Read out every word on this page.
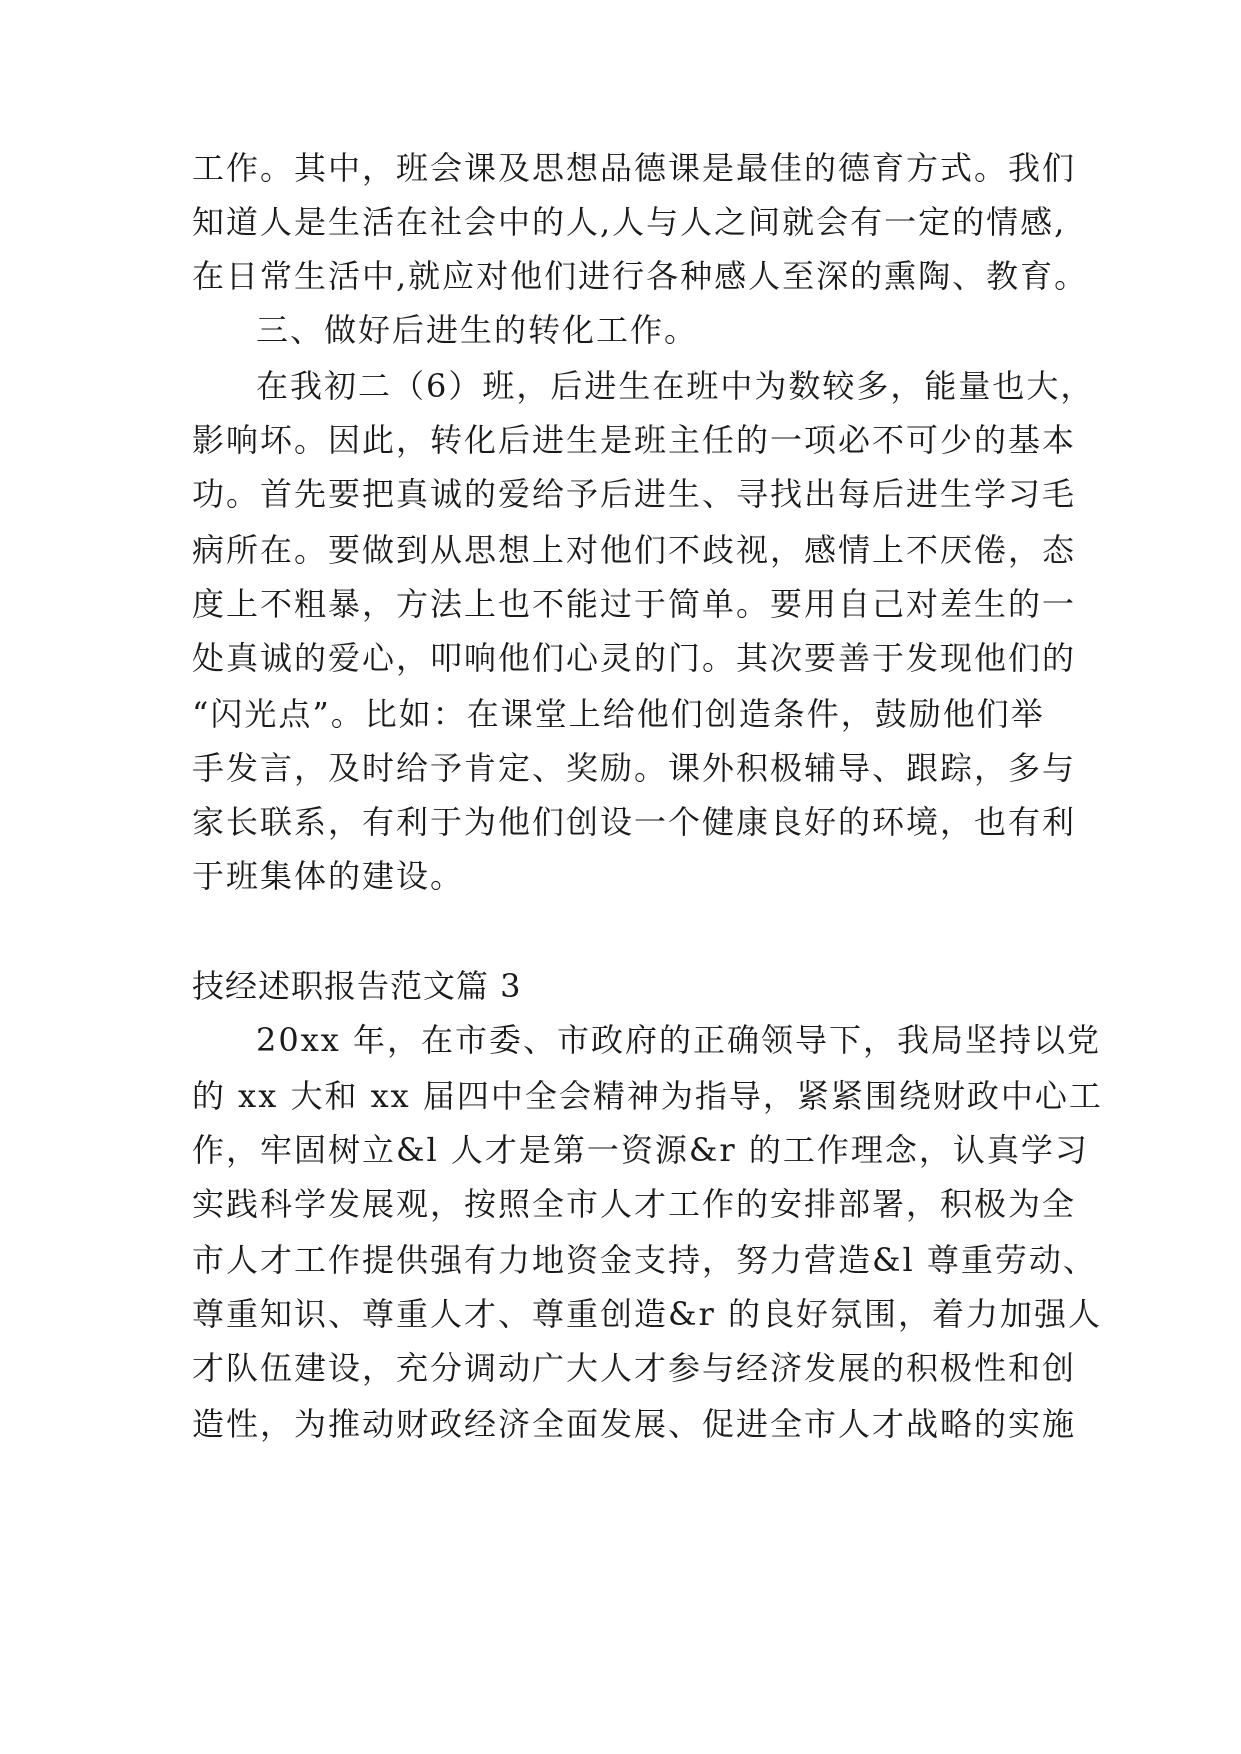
工作。其中，班会课及思想品德课是最佳的德育方式。我们
知道人是生活在社会中的人,人与人之间就会有一定的情感,
在日常生活中,就应对他们进行各种感人至深的熏陶、教育。
三、做好后进生的转化工作。
在我初二（6）班，后进生在班中为数较多，能量也大，
影响坏。因此，转化后进生是班主任的一项必不可少的基本
功。首先要把真诚的爱给予后进生、寻找出每后进生学习毛
病所在。要做到从思想上对他们不歧视，感情上不厌倦，态
度上不粗暴，方法上也不能过于简单。要用自己对差生的一
处真诚的爱心，叩响他们心灵的门。其次要善于发现他们的
“闪光点”。比如：在课堂上给他们创造条件，鼓励他们举
手发言，及时给予肯定、奖励。课外积极辅导、跟踪，多与
家长联系，有利于为他们创设一个健康良好的环境，也有利
于班集体的建设。
技经述职报告范文篇 3
20xx 年，在市委、市政府的正确领导下，我局坚持以党
的 xx 大和 xx 届四中全会精神为指导，紧紧围绕财政中心工
作，牢固树立&l 人才是第一资源&r 的工作理念，认真学习
实践科学发展观，按照全市人才工作的安排部署，积极为全
市人才工作提供强有力地资金支持，努力营造&l 尊重劳动、
尊重知识、尊重人才、尊重创造&r 的良好氛围，着力加强人
才队伍建设，充分调动广大人才参与经济发展的积极性和创
造性，为推动财政经济全面发展、促进全市人才战略的实施
